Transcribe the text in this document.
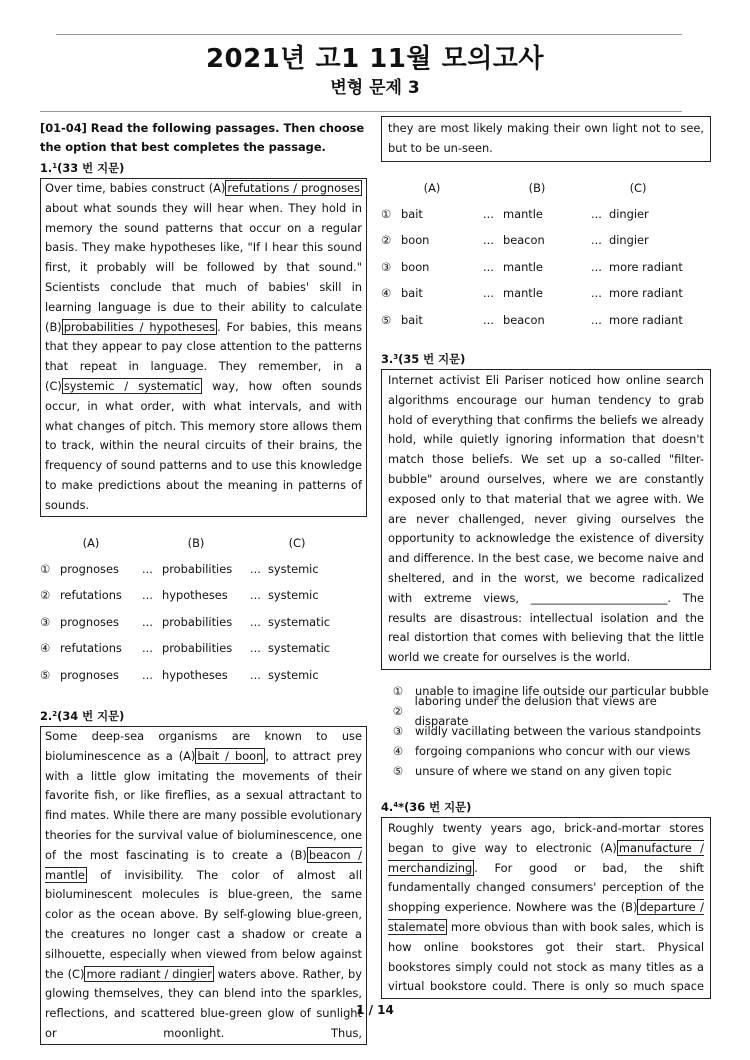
2021년 고1 11월 모의고사
변형 문제 3
[01-04] Read the following passages. Then choose the option that best completes the passage.
1.$^1$(33 번 지문)
Over time, babies construct (A) refutations / prognoses about what sounds they will hear when. They hold in memory the sound patterns that occur on a regular basis. They make hypotheses like, "If I hear this sound first, it probably will be followed by that sound." Scientists conclude that much of babies' skill in learning language is due to their ability to calculate (B) probabilities / hypotheses . For babies, this means that they appear to pay close attention to the patterns that repeat in language. They remember, in a (C) systemic / systematic way, how often sounds occur, in what order, with what intervals, and with what changes of pitch. This memory store allows them to track, within the neural circuits of their brains, the frequency of sound patterns and to use this knowledge to make predictions about the meaning in patterns of sounds.
(A)	(B)	(C)
① prognoses	... probabilities	... systemic
② refutations	... hypotheses	... systemic
③ prognoses	... probabilities	... systematic
④ refutations	... probabilities	... systematic
⑤ prognoses	... hypotheses	... systemic
2.$^2$(34 번 지문)
Some deep-sea organisms are known to use bioluminescence as a (A) bait / boon , to attract prey with a little glow imitating the movements of their favorite fish, or like fireflies, as a sexual attractant to find mates. While there are many possible evolutionary theories for the survival value of bioluminescence, one of the most fascinating is to create a (B) beacon / mantle of invisibility. The color of almost all bioluminescent molecules is blue-green, the same color as the ocean above. By self-glowing blue-green, the creatures no longer cast a shadow or create a silhouette, especially when viewed from below against the (C) more radiant / dingier waters above. Rather, by glowing themselves, they can blend into the sparkles, reflections, and scattered blue-green glow of sunlight or moonlight. Thus,
they are most likely making their own light not to see, but to be un-seen.
(A)	(B)	(C)
① bait	... mantle	... dingier
② boon	... beacon	... dingier
③ boon	... mantle	... more radiant
④ bait	... mantle	... more radiant
⑤ bait	... beacon	... more radiant
3.$^3$(35 번 지문)
Internet activist Eli Pariser noticed how online search algorithms encourage our human tendency to grab hold of everything that confirms the beliefs we already hold, while quietly ignoring information that doesn't match those beliefs. We set up a so-called "filter-bubble" around ourselves, where we are constantly exposed only to that material that we agree with. We are never challenged, never giving ourselves the opportunity to acknowledge the existence of diversity and difference. In the best case, we become naive and sheltered, and in the worst, we become radicalized with extreme views, ________________________. The results are disastrous: intellectual isolation and the real distortion that comes with believing that the little world we create for ourselves is the world.
①	unable to imagine life outside our particular bubble
②
laboring under the delusion that views are disparate
③	wildly vacillating between the various standpoints
④	forgoing companions who concur with our views
⑤	unsure of where we stand on any given topic
4.$^4$*(36 번 지문)
Roughly twenty years ago, brick-and-mortar stores began to give way to electronic (A) manufacture / merchandizing . For good or bad, the shift fundamentally changed consumers' perception of the shopping experience. Nowhere was the (B) departure / stalemate more obvious than with book sales, which is how online bookstores got their start. Physical bookstores simply could not stock as many titles as a virtual bookstore could. There is only so much space
1 / 14
